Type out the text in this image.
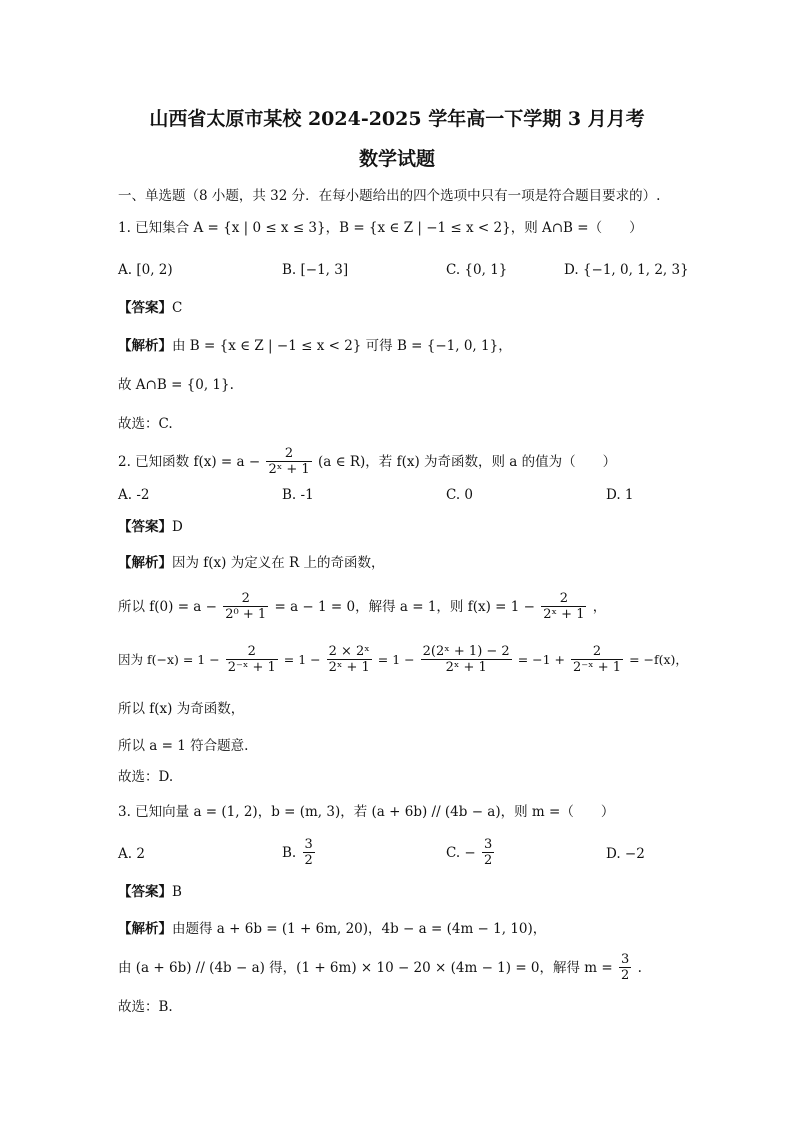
山西省太原市某校 2024-2025 学年高一下学期 3 月月考
数学试题
一、单选题（8 小题，共 32 分．在每小题给出的四个选项中只有一项是符合题目要求的）.
1. 已知集合 A = {x | 0 ≤ x ≤ 3}，B = {x ∈ Z | −1 ≤ x < 2}，则 A∩B =（　　）
A. [0, 2)	B. [−1, 3]	C. {0, 1}	D. {−1, 0, 1, 2, 3}
【答案】C
【解析】由 B = {x ∈ Z | −1 ≤ x < 2} 可得 B = {−1, 0, 1}，
故 A∩B = {0, 1}.
故选：C.
2. 已知函数 $f(x) = a - \frac{2}{\text{2ˣ + 1}} (a$ ∈ R)，若 f(x) 为奇函数，则 a 的值为（　　）
A. -2	B. -1	C. 0	D. 1
【答案】D
【解析】因为 f(x) 为定义在 R 上的奇函数，
所以 $f(0) = a - \frac{2}{\text{2⁰ + 1}} = a - 1 = 0$，解得 a = 1，则 $f(x) = 1 - \frac{2}{\text{2ˣ + 1}}$ ，
因为 $f(-x) = 1 - \frac{2}{\text{2⁻ˣ + 1}} = 1 - \frac{\text{2 × 2ˣ}}{\text{2ˣ + 1}} = 1 - \frac{\text{2(2ˣ + 1) − 2}}{\text{2ˣ + 1}} = -1 + \frac{2}{\text{2⁻ˣ + 1}} = -f(x)$，
所以 f(x) 为奇函数，
所以 a = 1 符合题意.
故选：D.
3. 已知向量 a = (1, 2)，b = (m, 3)，若 (a + 6b) // (4b − a)，则 m =（　　）
A. 2	B. $\frac{3}{2}$	C. − $\frac{3}{2}$	D. −2
【答案】B
【解析】由题得 a + 6b = (1 + 6m, 20)，4b − a = (4m − 1, 10)，
由 (a + 6b) // (4b − a) 得，(1 + 6m) × 10 − 20 × (4m − 1) = 0，解得 $m = \frac{3}{2}$ .
故选：B.
